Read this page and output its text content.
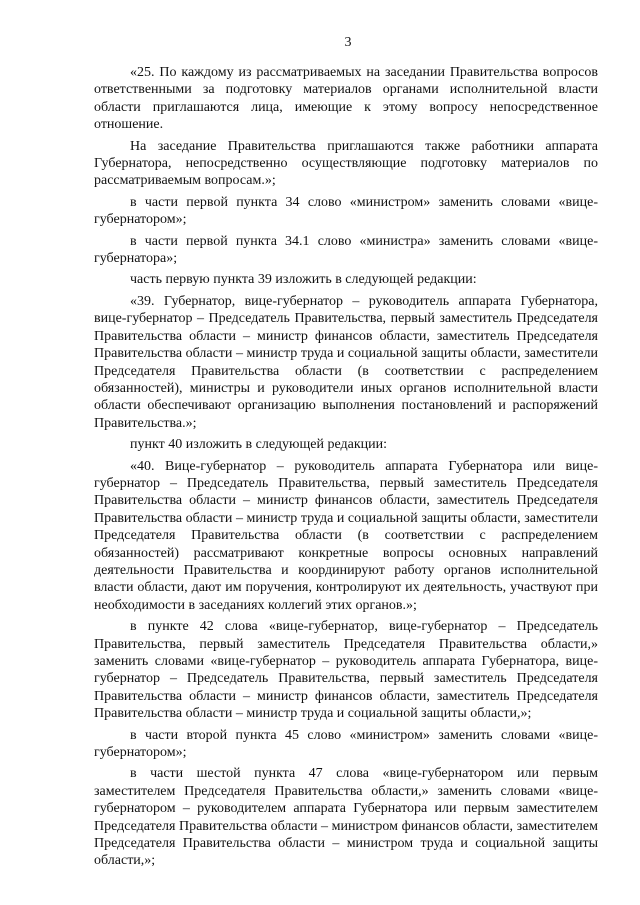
3

«25. По каждому из рассматриваемых на заседании Правительства вопросов ответственными за подготовку материалов органами исполнительной власти области приглашаются лица, имеющие к этому вопросу непосредственное отношение.

На заседание Правительства приглашаются также работники аппарата Губернатора, непосредственно осуществляющие подготовку материалов по рассматриваемым вопросам.»;

в части первой пункта 34 слово «министром» заменить словами «вице-губернатором»;

в части первой пункта 34.1 слово «министра» заменить словами «вице-губернатора»;

часть первую пункта 39 изложить в следующей редакции:

«39. Губернатор, вице-губернатор – руководитель аппарата Губернатора, вице-губернатор – Председатель Правительства, первый заместитель Председателя Правительства области – министр финансов области, заместитель Председателя Правительства области – министр труда и социальной защиты области, заместители Председателя Правительства области (в соответствии с распределением обязанностей), министры и руководители иных органов исполнительной власти области обеспечивают организацию выполнения постановлений и распоряжений Правительства.»;

пункт 40 изложить в следующей редакции:

«40. Вице-губернатор – руководитель аппарата Губернатора или вице-губернатор – Председатель Правительства, первый заместитель Председателя Правительства области – министр финансов области, заместитель Председателя Правительства области – министр труда и социальной защиты области, заместители Председателя Правительства области (в соответствии с распределением обязанностей) рассматривают конкретные вопросы основных направлений деятельности Правительства и координируют работу органов исполнительной власти области, дают им поручения, контролируют их деятельность, участвуют при необходимости в заседаниях коллегий этих органов.»;

в пункте 42 слова «вице-губернатор, вице-губернатор – Председатель Правительства, первый заместитель Председателя Правительства области,» заменить словами «вице-губернатор – руководитель аппарата Губернатора, вице-губернатор – Председатель Правительства, первый заместитель Председателя Правительства области – министр финансов области, заместитель Председателя Правительства области – министр труда и социальной защиты области,»;

в части второй пункта 45 слово «министром» заменить словами «вице-губернатором»;

в части шестой пункта 47 слова «вице-губернатором или первым заместителем Председателя Правительства области,» заменить словами «вице-губернатором – руководителем аппарата Губернатора или первым заместителем Председателя Правительства области – министром финансов области, заместителем Председателя Правительства области – министром труда и социальной защиты области,»;
